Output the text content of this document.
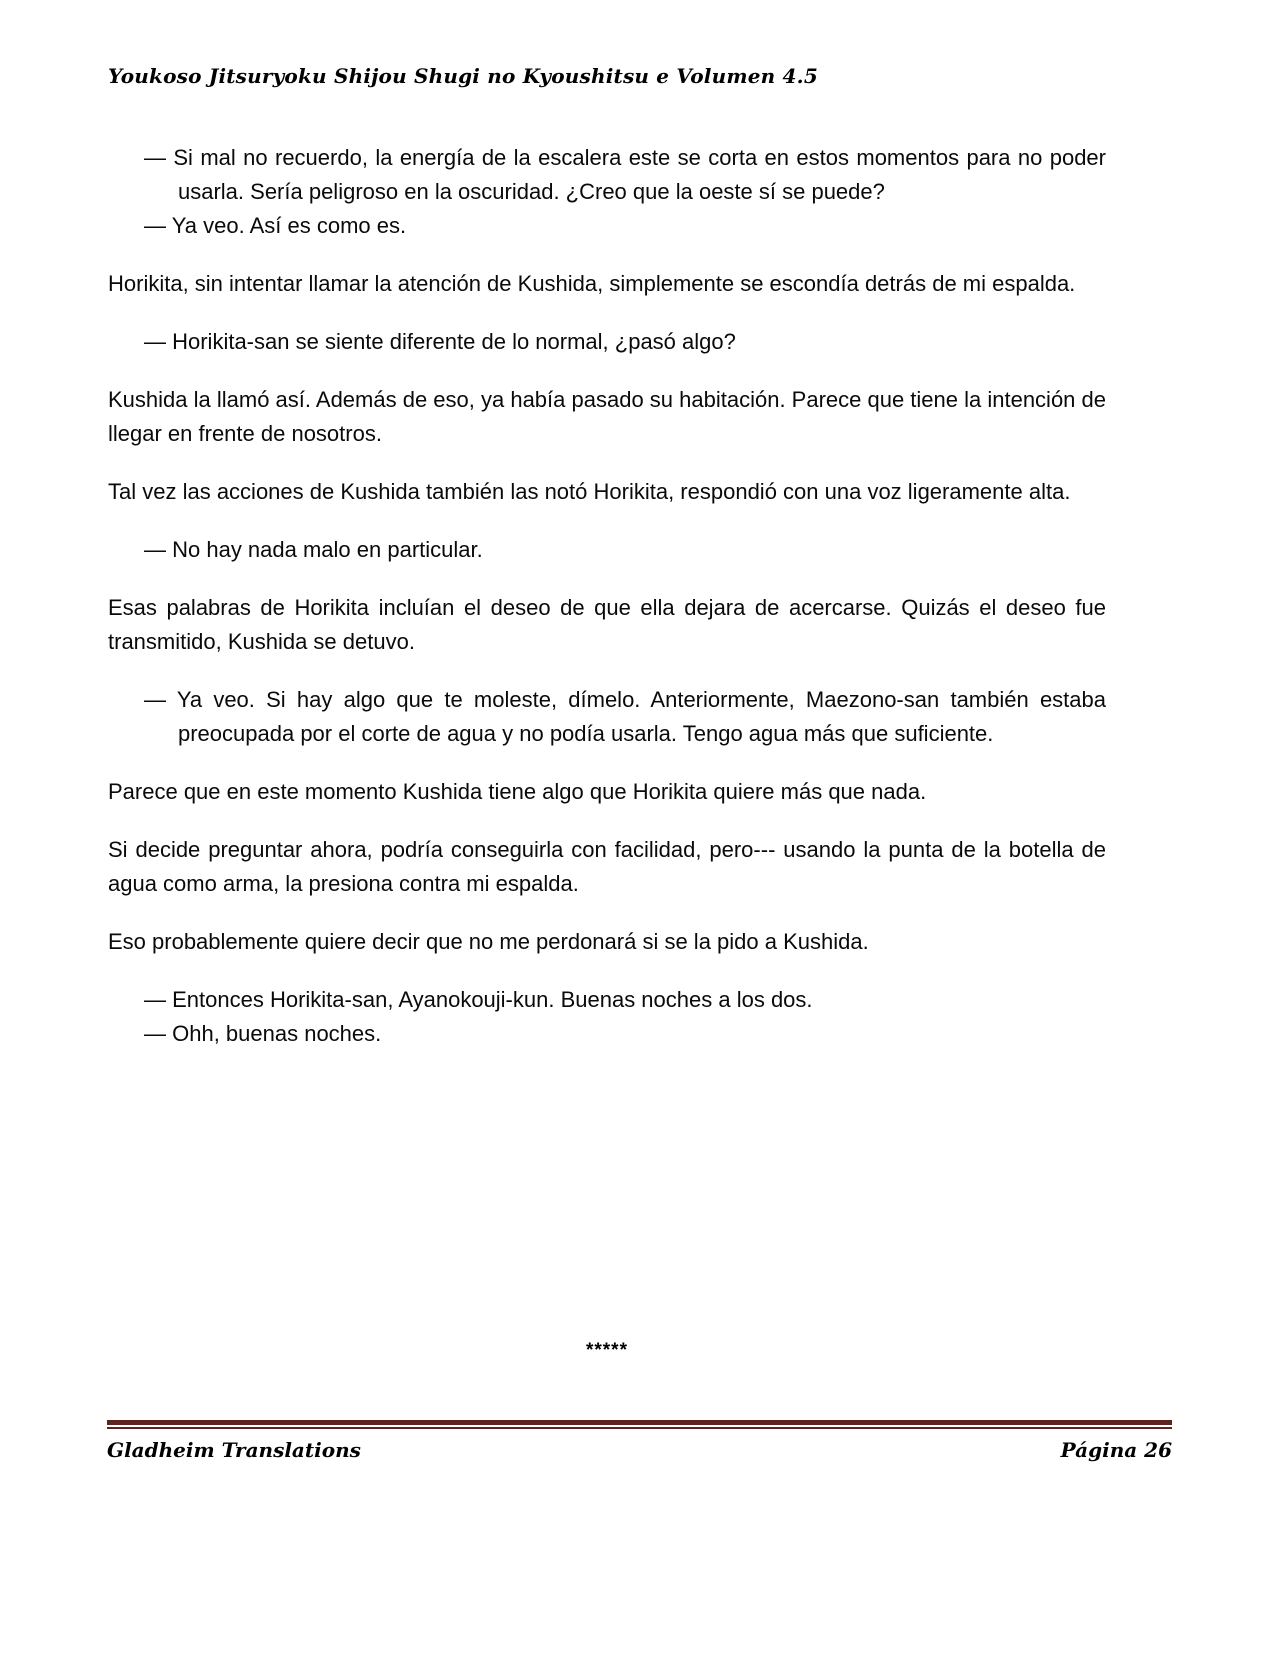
Youkoso Jitsuryoku Shijou Shugi no Kyoushitsu e Volumen 4.5

— Si mal no recuerdo, la energía de la escalera este se corta en estos momentos para no poder usarla. Sería peligroso en la oscuridad. ¿Creo que la oeste sí se puede?

— Ya veo. Así es como es.

Horikita, sin intentar llamar la atención de Kushida, simplemente se escondía detrás de mi espalda.

— Horikita-san se siente diferente de lo normal, ¿pasó algo?

Kushida la llamó así. Además de eso, ya había pasado su habitación. Parece que tiene la intención de llegar en frente de nosotros.

Tal vez las acciones de Kushida también las notó Horikita, respondió con una voz ligeramente alta.

— No hay nada malo en particular.

Esas palabras de Horikita incluían el deseo de que ella dejara de acercarse. Quizás el deseo fue transmitido, Kushida se detuvo.

— Ya veo. Si hay algo que te moleste, dímelo. Anteriormente, Maezono-san también estaba preocupada por el corte de agua y no podía usarla. Tengo agua más que suficiente.

Parece que en este momento Kushida tiene algo que Horikita quiere más que nada.

Si decide preguntar ahora, podría conseguirla con facilidad, pero--- usando la punta de la botella de agua como arma, la presiona contra mi espalda.

Eso probablemente quiere decir que no me perdonará si se la pido a Kushida.

— Entonces Horikita-san, Ayanokouji-kun. Buenas noches a los dos.

— Ohh, buenas noches.

*****
Gladheim Translations	Página 26
